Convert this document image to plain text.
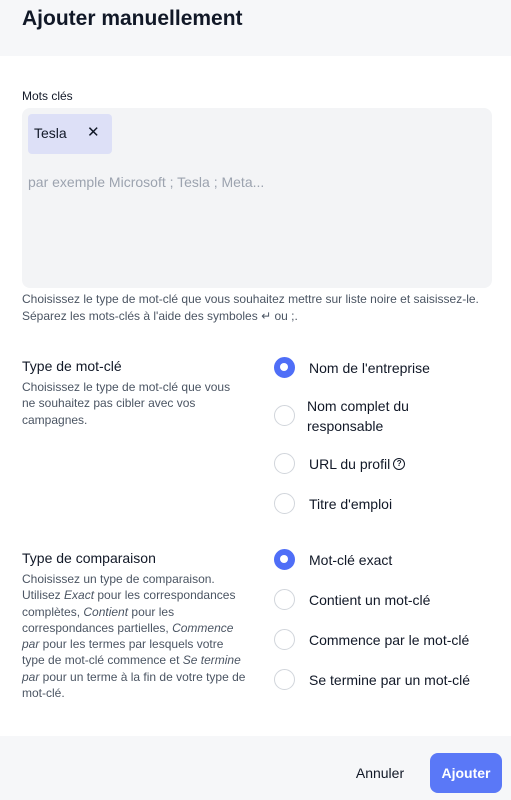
Ajouter manuellement
Mots clés
Tesla ✕
par exemple Microsoft ; Tesla ; Meta...
Choisissez le type de mot-clé que vous souhaitez mettre sur liste noire et saisissez-le. Séparez les mots-clés à l'aide des symboles ↵ ou ;.
Type de mot-clé
Choisissez le type de mot-clé que vous ne souhaitez pas cibler avec vos campagnes.
Nom de l'entreprise
Nom complet du responsable
URL du profil ?
Titre d'emploi
Type de comparaison
Choisissez un type de comparaison. Utilisez Exact pour les correspondances complètes, Contient pour les correspondances partielles, Commence par pour les termes par lesquels votre type de mot-clé commence et Se termine par pour un terme à la fin de votre type de mot-clé.
Mot-clé exact
Contient un mot-clé
Commence par le mot-clé
Se termine par un mot-clé
Annuler	Ajouter
